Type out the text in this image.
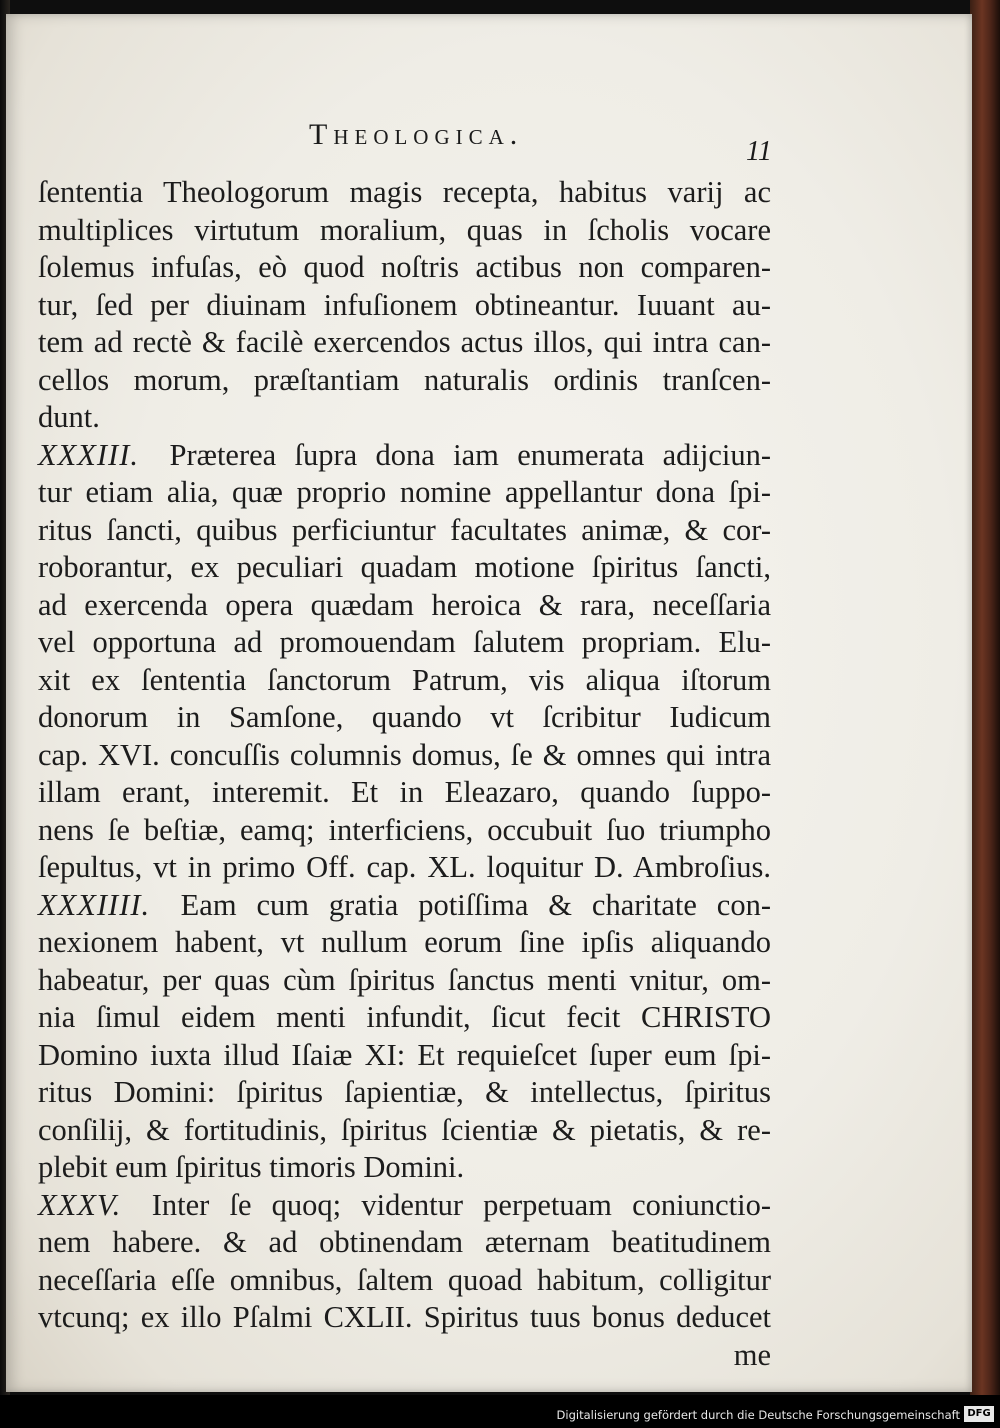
Theologica.
11
ſententia Theologorum magis recepta, habitus varij ac
multiplices virtutum moralium, quas in ſcholis vocare
ſolemus infuſas, eò quod noſtris actibus non comparen-
tur, ſed per diuinam infuſionem obtineantur. Iuuant au-
tem ad rectè & facilè exercendos actus illos, qui intra can-
cellos morum, præſtantiam naturalis ordinis tranſcen-
dunt.
XXXIII.  Præterea ſupra dona iam enumerata adijciun-
tur etiam alia, quæ proprio nomine appellantur dona ſpi-
ritus ſancti, quibus perficiuntur facultates animæ, & cor-
roborantur, ex peculiari quadam motione ſpiritus ſancti,
ad exercenda opera quædam heroica & rara, neceſſaria
vel opportuna ad promouendam ſalutem propriam. Elu-
xit ex ſententia ſanctorum Patrum, vis aliqua iſtorum
donorum in Samſone, quando vt ſcribitur Iudicum
cap. XVI. concuſſis columnis domus, ſe & omnes qui intra
illam erant, interemit. Et in Eleazaro, quando ſuppo-
nens ſe beſtiæ, eamq; interficiens, occubuit ſuo triumpho
ſepultus, vt in primo Off. cap. XL. loquitur D. Ambroſius.
XXXIIII.  Eam cum gratia potiſſima & charitate con-
nexionem habent, vt nullum eorum ſine ipſis aliquando
habeatur, per quas cùm ſpiritus ſanctus menti vnitur, om-
nia ſimul eidem menti infundit, ſicut fecit CHRISTO
Domino iuxta illud Iſaiæ XI: Et requieſcet ſuper eum ſpi-
ritus Domini: ſpiritus ſapientiæ, & intellectus, ſpiritus
conſilij, & fortitudinis, ſpiritus ſcientiæ & pietatis, & re-
plebit eum ſpiritus timoris Domini.
XXXV.  Inter ſe quoq; videntur perpetuam coniunctio-
nem habere. & ad obtinendam æternam beatitudinem
neceſſaria eſſe omnibus, ſaltem quoad habitum, colligitur
vtcunq; ex illo Pſalmi CXLII. Spiritus tuus bonus deducet
me
Digitalisierung gefördert durch die Deutsche Forschungsgemeinschaft DFG
